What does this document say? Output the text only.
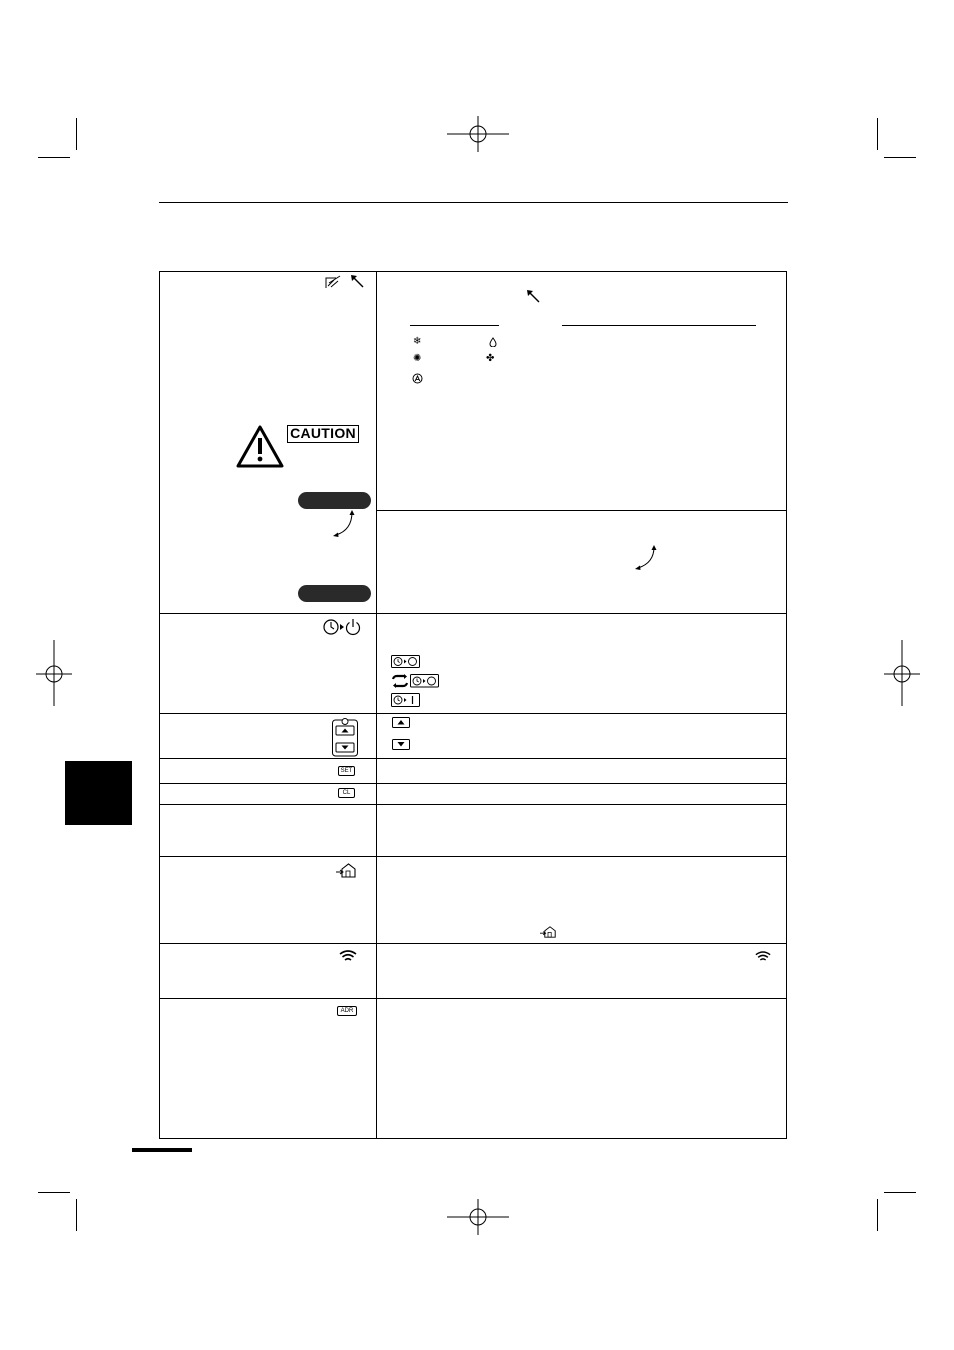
❄
✺	✤
CAUTION
SET
CL
ADR
